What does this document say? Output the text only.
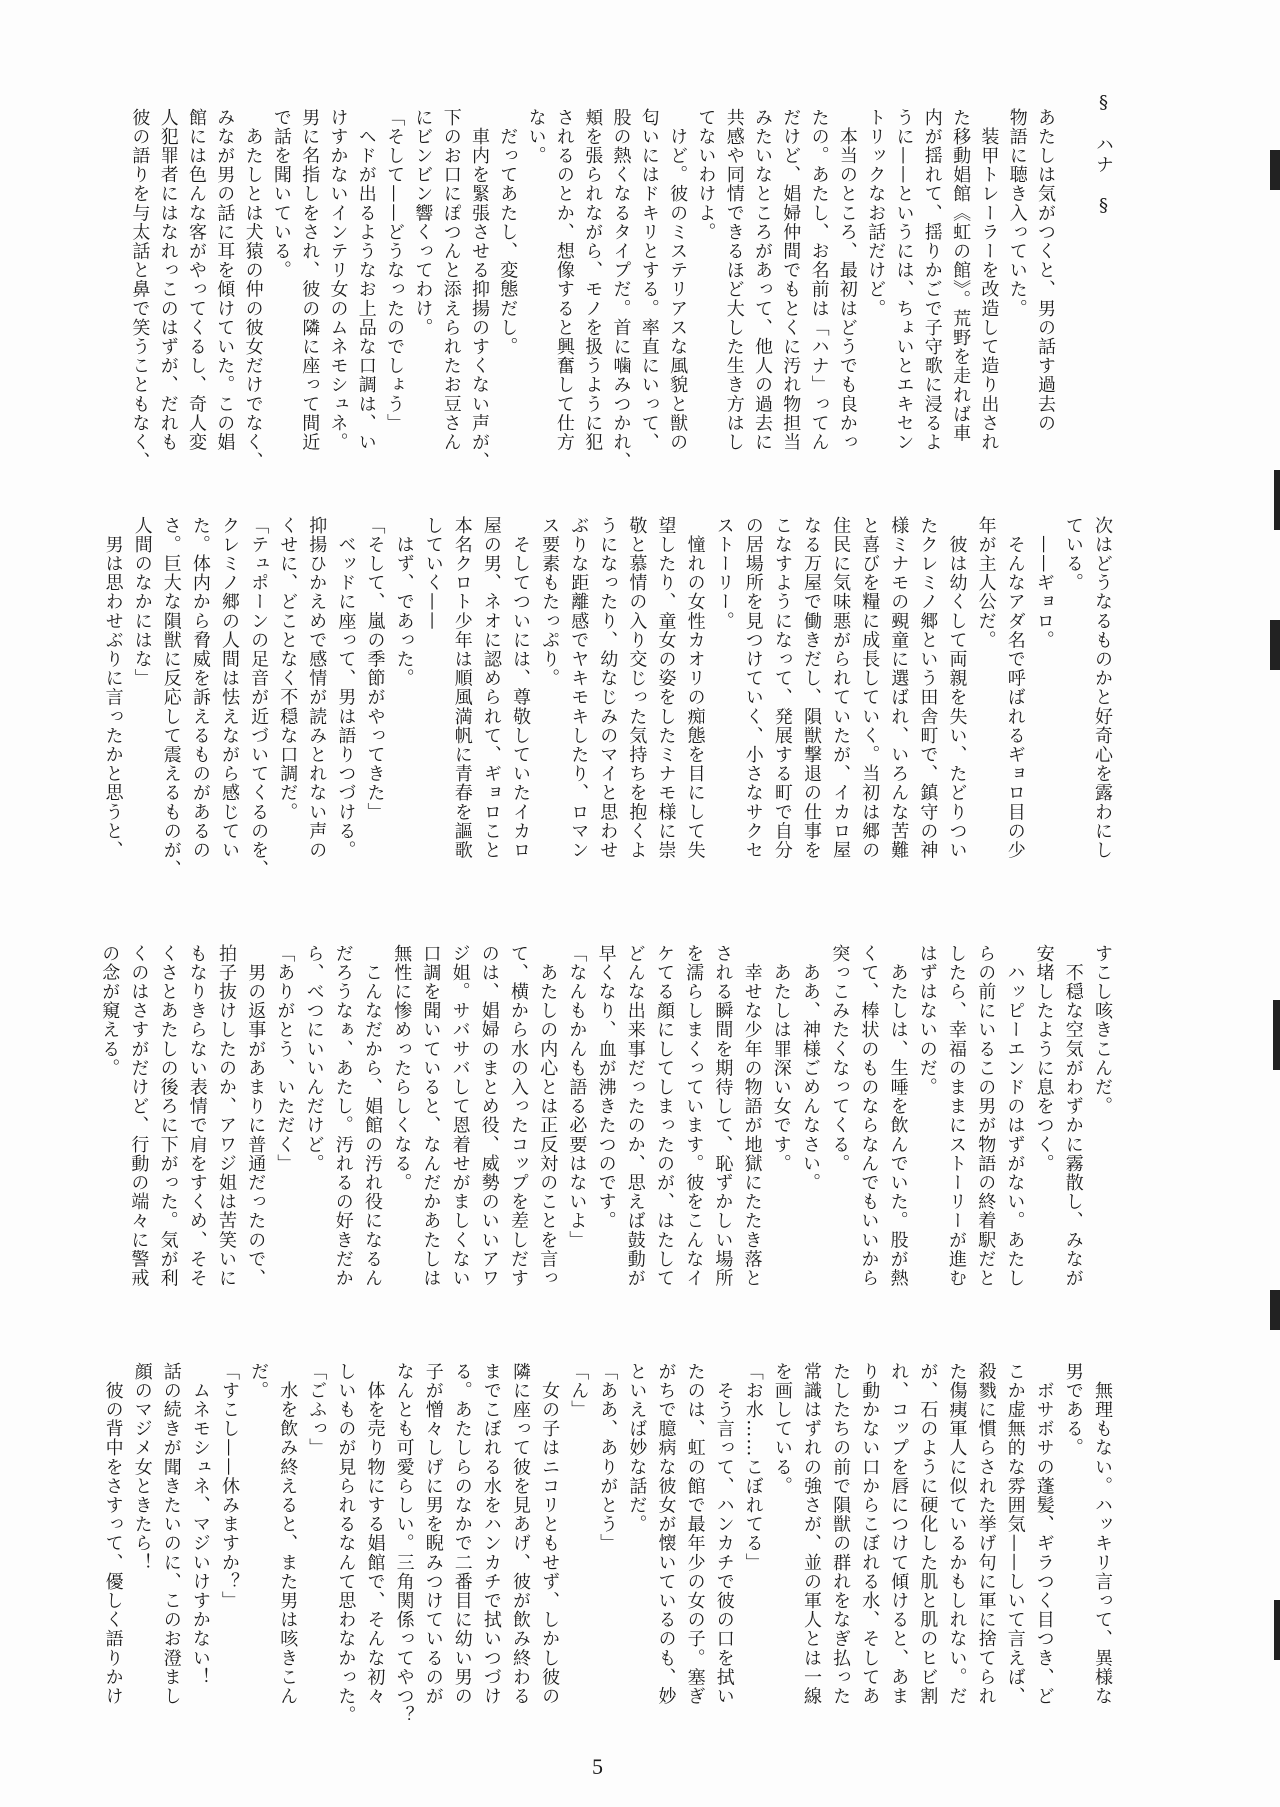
§　ハナ　§
あたしは気がつくと、男の話す過去の
物語に聴き入っていた。
　装甲トレーラーを改造して造り出され
た移動娼館《虹の館》。荒野を走れば車
内が揺れて、揺りかごで子守歌に浸るよ
うに——というには、ちょいとエキセン
トリックなお話だけど。
　本当のところ、最初はどうでも良かっ
たの。あたし、お名前は「ハナ」ってん
だけど、娼婦仲間でもとくに汚れ物担当
みたいなところがあって、他人の過去に
共感や同情できるほど大した生き方はし
てないわけよ。
　けど。彼のミステリアスな風貌と獣の
匂いにはドキリとする。率直にいって、
股の熱くなるタイプだ。首に噛みつかれ、
頬を張られながら、モノを扱うように犯
されるのとか、想像すると興奮して仕方
ない。
　だってあたし、変態だし。
　車内を緊張させる抑揚のすくない声が、
下のお口にぽつんと添えられたお豆さん
にビンビン響くってわけ。
「そして——どうなったのでしょう」
　ヘドが出るようなお上品な口調は、い
けすかないインテリ女のムネモシュネ。
男に名指しをされ、彼の隣に座って間近
で話を聞いている。
　あたしとは犬猿の仲の彼女だけでなく、
みなが男の話に耳を傾けていた。この娼
館には色んな客がやってくるし、奇人変
人犯罪者にはなれっこのはずが、だれも
彼の語りを与太話と鼻で笑うこともなく、
次はどうなるものかと好奇心を露わにし
ている。
　——ギョロ。
　そんなアダ名で呼ばれるギョロ目の少
年が主人公だ。
　彼は幼くして両親を失い、たどりつい
たクレミノ郷という田舎町で、鎮守の神
様ミナモの覡童に選ばれ、いろんな苦難
と喜びを糧に成長していく。当初は郷の
住民に気味悪がられていたが、イカロ屋
なる万屋で働きだし、隕獣撃退の仕事を
こなすようになって、発展する町で自分
の居場所を見つけていく、小さなサクセ
ストーリー。
　憧れの女性カオリの痴態を目にして失
望したり、童女の姿をしたミナモ様に崇
敬と慕情の入り交じった気持ちを抱くよ
うになったり、幼なじみのマイと思わせ
ぶりな距離感でヤキモキしたり、ロマン
ス要素もたっぷり。
　そしてついには、尊敬していたイカロ
屋の男、ネオに認められて、ギョロこと
本名クロト少年は順風満帆に青春を謳歌
していく——
　はず、であった。
「そして、嵐の季節がやってきた」
　ベッドに座って、男は語りつづける。
抑揚ひかえめで感情が読みとれない声の
くせに、どことなく不穏な口調だ。
「テュポーンの足音が近づいてくるのを、
クレミノ郷の人間は怯えながら感じてい
た。体内から脅威を訴えるものがあるの
さ。巨大な隕獣に反応して震えるものが、
人間のなかにはな」
　男は思わせぶりに言ったかと思うと、
すこし咳きこんだ。
　不穏な空気がわずかに霧散し、みなが
安堵したように息をつく。
　ハッピーエンドのはずがない。あたし
らの前にいるこの男が物語の終着駅だと
したら、幸福のままにストーリーが進む
はずはないのだ。
　あたしは、生唾を飲んでいた。股が熱
くて、棒状のものならなんでもいいから
突っこみたくなってくる。
　ああ、神様ごめんなさい。
　あたしは罪深い女です。
　幸せな少年の物語が地獄にたたき落と
される瞬間を期待して、恥ずかしい場所
を濡らしまくっています。彼をこんなイ
ケてる顔にしてしまったのが、はたして
どんな出来事だったのか、思えば鼓動が
早くなり、血が沸きたつのです。
「なんもかんも語る必要はないよ」
　あたしの内心とは正反対のことを言っ
て、横から水の入ったコップを差しだす
のは、娼婦のまとめ役、威勢のいいアワ
ジ姐。サバサバして恩着せがましくない
口調を聞いていると、なんだかあたしは
無性に惨めったらしくなる。
　こんなだから、娼館の汚れ役になるん
だろうなぁ、あたし。汚れるの好きだか
ら、べつにいいんだけど。
「ありがとう、いただく」
　男の返事があまりに普通だったので、
拍子抜けしたのか、アワジ姐は苦笑いに
もなりきらない表情で肩をすくめ、そそ
くさとあたしの後ろに下がった。気が利
くのはさすがだけど、行動の端々に警戒
の念が窺える。
　無理もない。ハッキリ言って、異様な
男である。
　ボサボサの蓬髪、ギラつく目つき、ど
こか虚無的な雰囲気——しいて言えば、
殺戮に慣らされた挙げ句に軍に捨てられ
た傷痍軍人に似ているかもしれない。だ
が、石のように硬化した肌と肌のヒビ割
れ、コップを唇につけて傾けると、あま
り動かない口からこぼれる水、そしてあ
たしたちの前で隕獣の群れをなぎ払った
常識はずれの強さが、並の軍人とは一線
を画している。
「お水……こぼれてる」
　そう言って、ハンカチで彼の口を拭い
たのは、虹の館で最年少の女の子。塞ぎ
がちで臆病な彼女が懐いているのも、妙
といえば妙な話だ。
「ああ、ありがとう」
「ん」
　女の子はニコリともせず、しかし彼の
隣に座って彼を見あげ、彼が飲み終わる
までこぼれる水をハンカチで拭いつづけ
る。あたしらのなかで二番目に幼い男の
子が憎々しげに男を睨みつけているのが
なんとも可愛らしい。三角関係ってやつ？
　体を売り物にする娼館で、そんな初々
しいものが見られるなんて思わなかった。
「ごふっ」
　水を飲み終えると、また男は咳きこん
だ。
「すこし——休みますか？」
　ムネモシュネ、マジいけすかない！
話の続きが聞きたいのに、このお澄まし
顔のマジメ女ときたら！
　彼の背中をさすって、優しく語りかけ
5
